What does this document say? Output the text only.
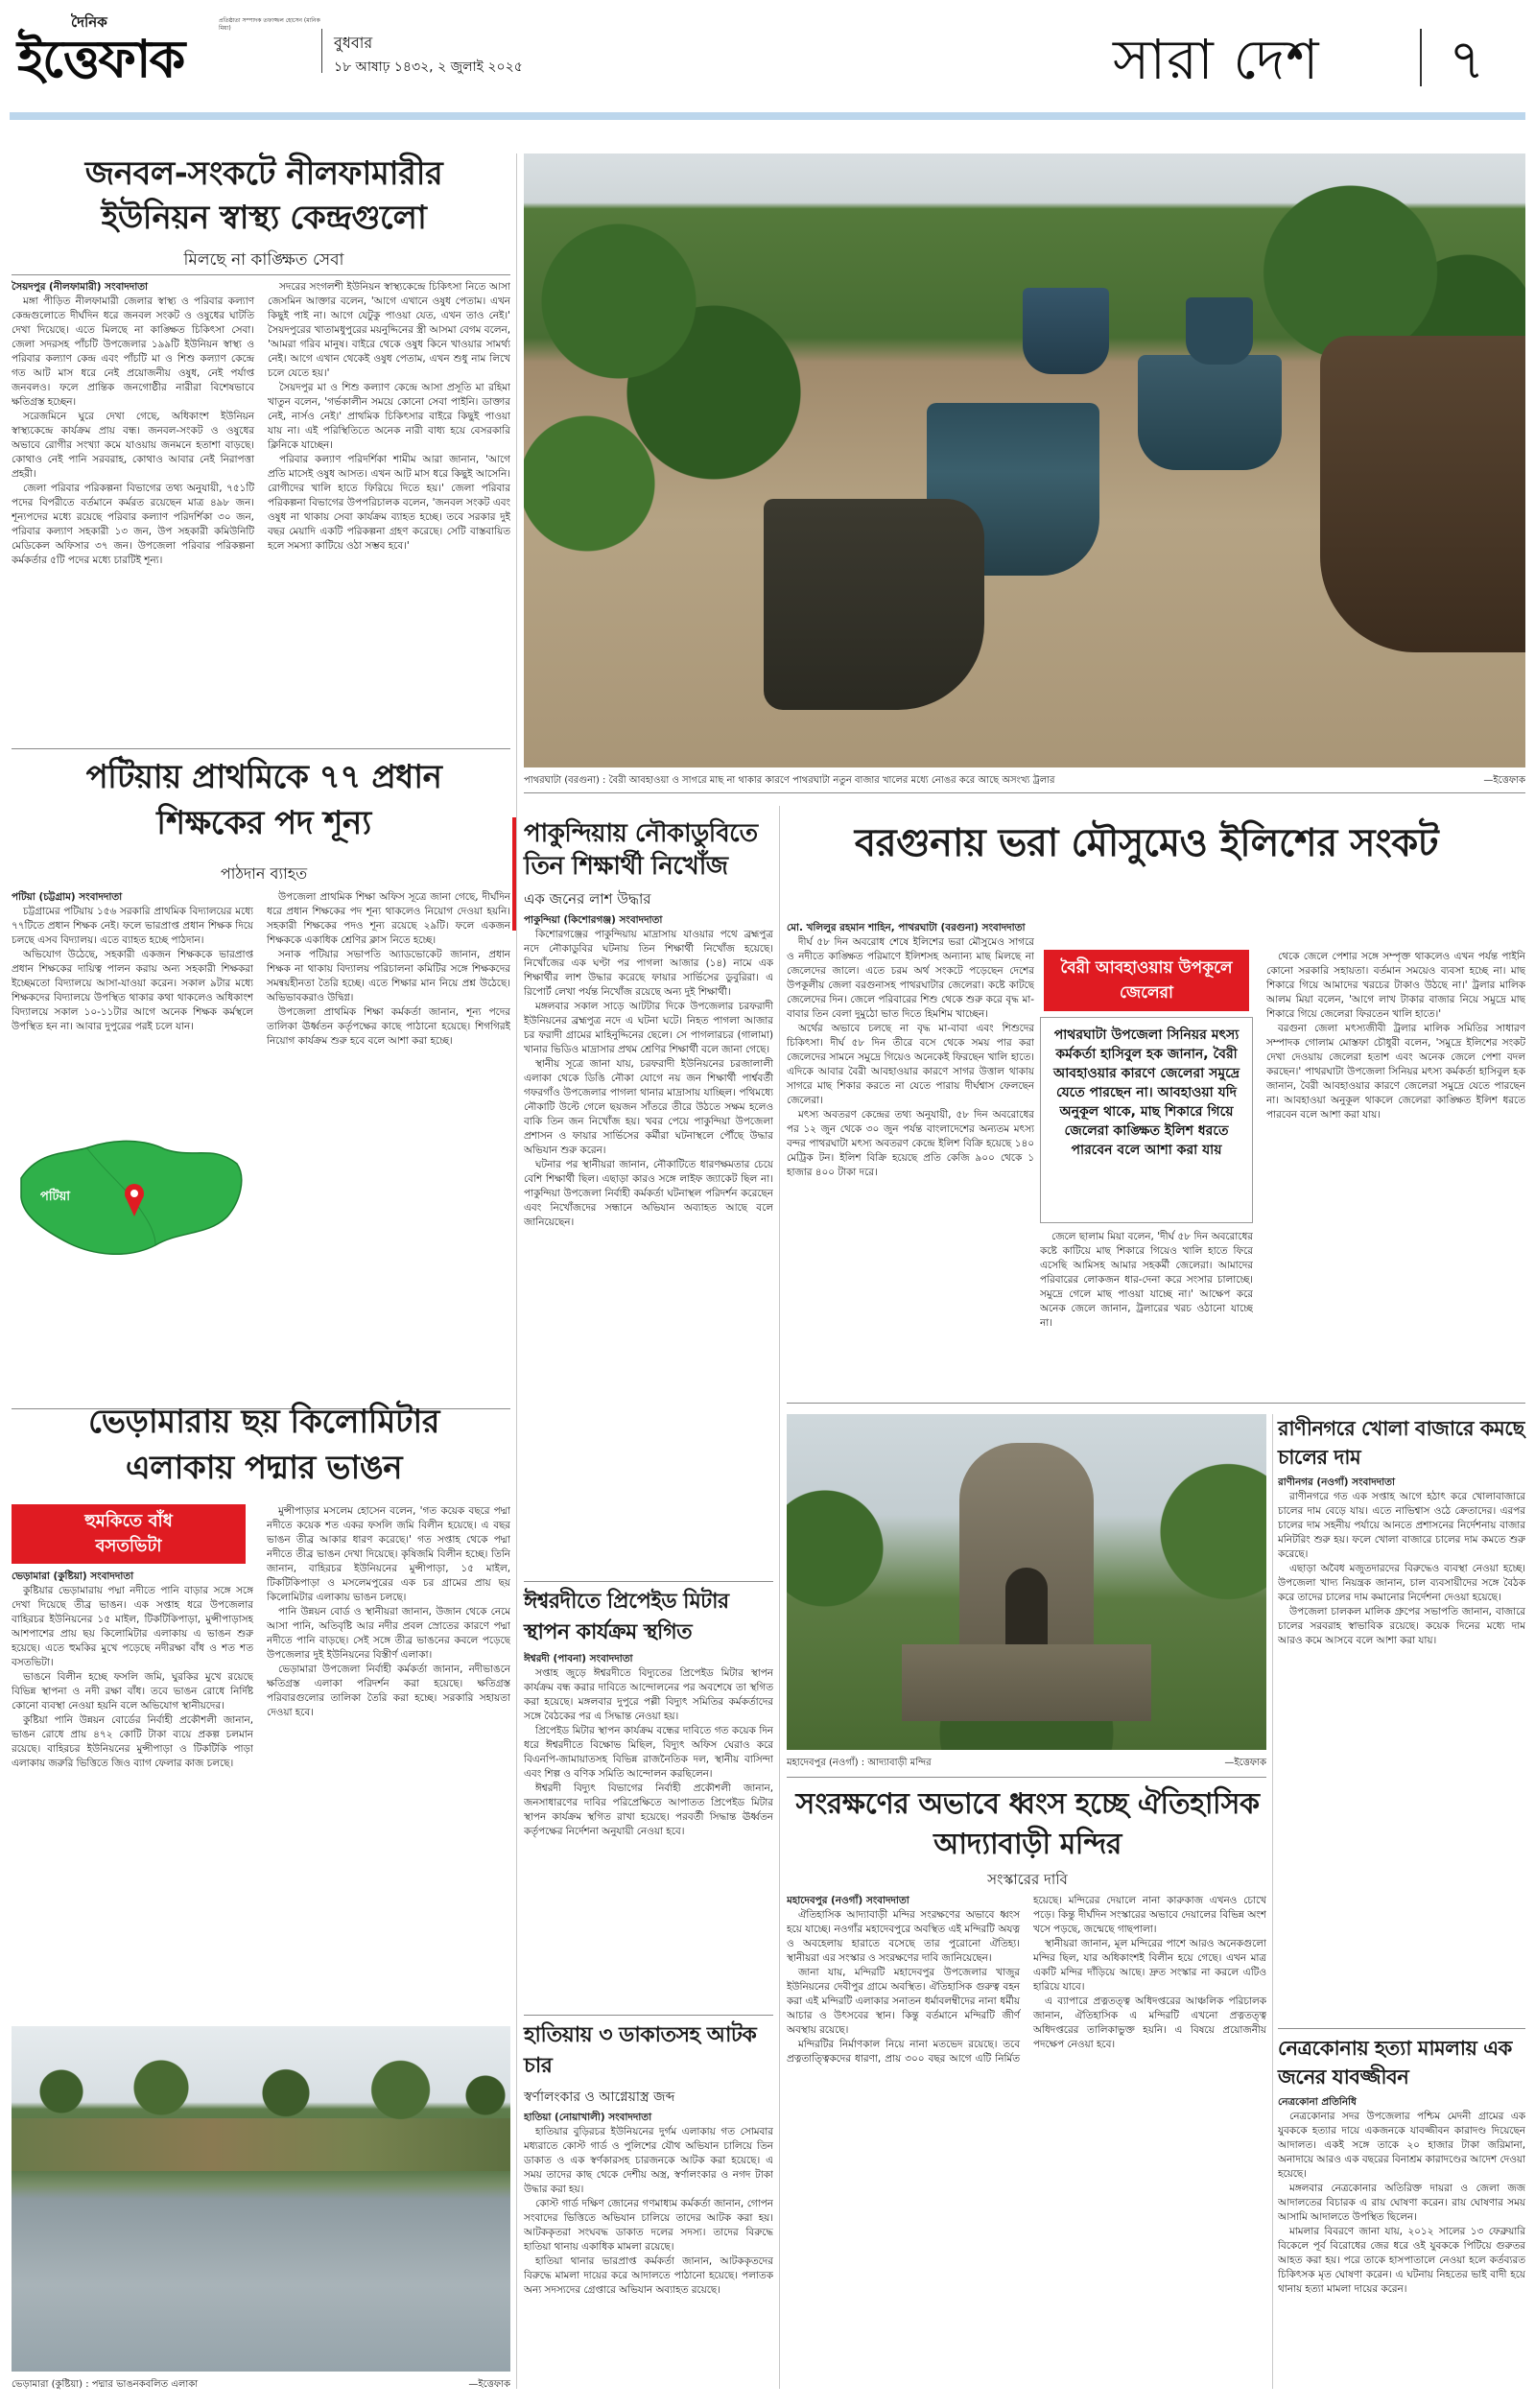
দৈনিক
ইত্তেফাক
প্রতিষ্ঠাতা সম্পাদক তফাজ্জল হোসেন (মানিক মিয়া)
বুধবার
১৮ আষাঢ় ১৪৩২, ২ জুলাই ২০২৫	সারা দেশ ৭
জনবল-সংকটে নীলফামারীর ইউনিয়ন স্বাস্থ্য কেন্দ্রগুলো
মিলছে না কাঙ্ক্ষিত সেবা

সৈয়দপুর (নীলফামারী) সংবাদদাতা

মঙ্গা পীড়িত নীলফামারী জেলার স্বাস্থ্য ও পরিবার কল্যাণ কেন্দ্রগুলোতে দীর্ঘদিন ধরে জনবল সংকট ও ওষুধের ঘাটতি দেখা দিয়েছে। এতে মিলছে না কাঙ্ক্ষিত চিকিৎসা সেবা। জেলা সদরসহ পাঁচটি উপজেলার ১৯৯টি ইউনিয়ন স্বাস্থ্য ও পরিবার কল্যাণ কেন্দ্র এবং পাঁচটি মা ও শিশু কল্যাণ কেন্দ্রে গত আট মাস ধরে নেই প্রয়োজনীয় ওষুধ, নেই পর্যাপ্ত জনবলও। ফলে প্রান্তিক জনগোষ্ঠীর নারীরা বিশেষভাবে ক্ষতিগ্রস্ত হচ্ছেন।

সরেজমিনে ঘুরে দেখা গেছে, অধিকাংশ ইউনিয়ন স্বাস্থ্যকেন্দ্রে কার্যক্রম প্রায় বন্ধ। জনবল-সংকট ও ওষুধের অভাবে রোগীর সংখ্যা কমে যাওয়ায় জনমনে হতাশা বাড়ছে। কোথাও নেই পানি সরবরাহ, কোথাও আবার নেই নিরাপত্তা প্রহরী।

জেলা পরিবার পরিকল্পনা বিভাগের তথ্য অনুযায়ী, ৭৫১টি পদের বিপরীতে বর্তমানে কর্মরত রয়েছেন মাত্র ৪৯৮ জন। শূন্যপদের মধ্যে রয়েছে পরিবার কল্যাণ পরিদর্শিকা ৩০ জন, পরিবার কল্যাণ সহকারী ১৩ জন, উপ সহকারী কমিউনিটি মেডিকেল অফিসার ৩৭ জন। উপজেলা পরিবার পরিকল্পনা কর্মকর্তার ৫টি পদের মধ্যে চারটিই শূন্য।

সদরের সংগলশী ইউনিয়ন স্বাস্থ্যকেন্দ্রে চিকিৎসা নিতে আসা জেসমিন আক্তার বলেন, 'আগে এখানে ওষুধ পেতাম। এখন কিছুই পাই না। আগে যেটুকু পাওয়া যেত, এখন তাও নেই।' সৈয়দপুরের খাতামধুপুরের ময়নুদ্দিনের স্ত্রী আসমা বেগম বলেন, 'আমরা গরিব মানুষ। বাইরে থেকে ওষুধ কিনে খাওয়ার সামর্থ্য নেই। আগে এখান থেকেই ওষুধ পেতাম, এখন শুধু নাম লিখে চলে যেতে হয়।'

সৈয়দপুর মা ও শিশু কল্যাণ কেন্দ্রে আসা প্রসূতি মা রহিমা খাতুন বলেন, 'গর্ভকালীন সময়ে কোনো সেবা পাইনি। ডাক্তার নেই, নার্সও নেই।' প্রাথমিক চিকিৎসার বাইরে কিছুই পাওয়া যায় না। এই পরিস্থিতিতে অনেক নারী বাধ্য হয়ে বেসরকারি ক্লিনিকে যাচ্ছেন।

পরিবার কল্যাণ পরিদর্শিকা শামীম আরা জানান, 'আগে প্রতি মাসেই ওষুধ আসত। এখন আট মাস ধরে কিছুই আসেনি। রোগীদের খালি হাতে ফিরিয়ে দিতে হয়।' জেলা পরিবার পরিকল্পনা বিভাগের উপপরিচালক বলেন, 'জনবল সংকট এবং ওষুধ না থাকায় সেবা কার্যক্রম ব্যাহত হচ্ছে। তবে সরকার দুই বছর মেয়াদি একটি পরিকল্পনা গ্রহণ করেছে। সেটি বাস্তবায়িত হলে সমস্যা কাটিয়ে ওঠা সম্ভব হবে।'

পটিয়ায় প্রাথমিকে ৭৭ প্রধান শিক্ষকের পদ শূন্য
পাঠদান ব্যাহত

পটিয়া (চট্টগ্রাম) সংবাদদাতা

চট্টগ্রামের পটিয়ায় ১৫৬ সরকারি প্রাথমিক বিদ্যালয়ের মধ্যে ৭৭টিতে প্রধান শিক্ষক নেই। ফলে ভারপ্রাপ্ত প্রধান শিক্ষক দিয়ে চলছে এসব বিদ্যালয়। এতে ব্যাহত হচ্ছে পাঠদান।

অভিযোগ উঠেছে, সহকারী একজন শিক্ষককে ভারপ্রাপ্ত প্রধান শিক্ষকের দায়িত্ব পালন করায় অন্য সহকারী শিক্ষকরা ইচ্ছেমতো বিদ্যালয়ে আসা-যাওয়া করেন। সকাল ৯টার মধ্যে শিক্ষকদের বিদ্যালয়ে উপস্থিত থাকার কথা থাকলেও অধিকাংশ বিদ্যালয়ে সকাল ১০-১১টার আগে অনেক শিক্ষক কর্মস্থলে উপস্থিত হন না। আবার দুপুরের পরই চলে যান।

উপজেলা প্রাথমিক শিক্ষা অফিস সূত্রে জানা গেছে, দীর্ঘদিন ধরে প্রধান শিক্ষকের পদ শূন্য থাকলেও নিয়োগ দেওয়া হয়নি। সহকারী শিক্ষকের পদও শূন্য রয়েছে ২৯টি। ফলে একজন শিক্ষককে একাধিক শ্রেণির ক্লাস নিতে হচ্ছে।

সনাক পটিয়ার সভাপতি অ্যাডভোকেট জানান, প্রধান শিক্ষক না থাকায় বিদ্যালয় পরিচালনা কমিটির সঙ্গে শিক্ষকদের সমন্বয়হীনতা তৈরি হচ্ছে। এতে শিক্ষার মান নিয়ে প্রশ্ন উঠেছে। অভিভাবকরাও উদ্বিগ্ন।

উপজেলা প্রাথমিক শিক্ষা কর্মকর্তা জানান, শূন্য পদের তালিকা ঊর্ধ্বতন কর্তৃপক্ষের কাছে পাঠানো হয়েছে। শিগগিরই নিয়োগ কার্যক্রম শুরু হবে বলে আশা করা হচ্ছে।

পটিয়া
ভেড়ামারায় ছয় কিলোমিটার এলাকায় পদ্মার ভাঙন
হুমকিতে বাঁধ বসতভিটা

ভেড়ামারা (কুষ্টিয়া) সংবাদদাতা

কুষ্টিয়ার ভেড়ামারায় পদ্মা নদীতে পানি বাড়ার সঙ্গে সঙ্গে দেখা দিয়েছে তীব্র ভাঙন। এক সপ্তাহ ধরে উপজেলার বাহিরচর ইউনিয়নের ১৫ মাইল, টিকটিকিপাড়া, মুন্সীপাড়াসহ আশপাশের প্রায় ছয় কিলোমিটার এলাকায় এ ভাঙন শুরু হয়েছে। এতে হুমকির মুখে পড়েছে নদীরক্ষা বাঁধ ও শত শত বসতভিটা।

ভাঙনে বিলীন হচ্ছে ফসলি জমি, ঘুরকির মুখে রয়েছে বিভিন্ন স্থাপনা ও নদী রক্ষা বাঁধ। তবে ভাঙন রোধে নির্দিষ্ট কোনো ব্যবস্থা নেওয়া হয়নি বলে অভিযোগ স্থানীয়দের।

কুষ্টিয়া পানি উন্নয়ন বোর্ডের নির্বাহী প্রকৌশলী জানান, ভাঙন রোধে প্রায় ৪৭২ কোটি টাকা ব্যয়ে প্রকল্প চলমান রয়েছে। বাহিরচর ইউনিয়নের মুন্সীপাড়া ও টিকটিকি পাড়া এলাকায় জরুরি ভিত্তিতে জিও ব্যাগ ফেলার কাজ চলছে।

মুন্সীপাড়ার মসলেম হোসেন বলেন, 'গত কয়েক বছরে পদ্মা নদীতে কয়েক শত একর ফসলি জমি বিলীন হয়েছে। এ বছর ভাঙন তীব্র আকার ধারণ করেছে।' গত সপ্তাহ থেকে পদ্মা নদীতে তীব্র ভাঙন দেখা দিয়েছে। কৃষিজমি বিলীন হচ্ছে। তিনি জানান, বাহিরচর ইউনিয়নের মুন্সীপাড়া, ১৫ মাইল, টিকটিকিপাড়া ও মসলেমপুরের এক চর গ্রামের প্রায় ছয় কিলোমিটার এলাকায় ভাঙন চলছে।

পানি উন্নয়ন বোর্ড ও স্থানীয়রা জানান, উজান থেকে নেমে আসা পানি, অতিবৃষ্টি আর নদীর প্রবল স্রোতের কারণে পদ্মা নদীতে পানি বাড়ছে। সেই সঙ্গে তীব্র ভাঙনের কবলে পড়েছে উপজেলার দুই ইউনিয়নের বিস্তীর্ণ এলাকা।

ভেড়ামারা উপজেলা নির্বাহী কর্মকর্তা জানান, নদীভাঙনে ক্ষতিগ্রস্ত এলাকা পরিদর্শন করা হয়েছে। ক্ষতিগ্রস্ত পরিবারগুলোর তালিকা তৈরি করা হচ্ছে। সরকারি সহায়তা দেওয়া হবে।

ভেড়ামারা (কুষ্টিয়া) : পদ্মার ভাঙনকবলিত এলাকা	—ইত্তেফাক
পাথরঘাটা (বরগুনা) : বৈরী আবহাওয়া ও সাগরে মাছ না থাকার কারণে পাথরঘাটা নতুন বাজার খালের মধ্যে নোঙর করে আছে অসংখ্য ট্রলার	—ইত্তেফাক
পাকুন্দিয়ায় নৌকাডুবিতে তিন শিক্ষার্থী নিখোঁজ
এক জনের লাশ উদ্ধার

পাকুন্দিয়া (কিশোরগঞ্জ) সংবাদদাতা

কিশোরগঞ্জের পাকুন্দিয়ায় মাদ্রাসায় যাওয়ার পথে ব্রহ্মপুত্র নদে নৌকাডুবির ঘটনায় তিন শিক্ষার্থী নিখোঁজ হয়েছে। নিখোঁজের এক ঘণ্টা পর পাগলা আজার (১৪) নামে এক শিক্ষার্থীর লাশ উদ্ধার করেছে ফায়ার সার্ভিসের ডুবুরিরা। এ রিপোর্ট লেখা পর্যন্ত নিখোঁজ রয়েছে অন্য দুই শিক্ষার্থী।

মঙ্গলবার সকাল সাড়ে আটটার দিকে উপজেলার চরফরাদী ইউনিয়নের ব্রহ্মপুত্র নদে এ ঘটনা ঘটে। নিহত পাগলা আজার চর ফরাদী গ্রামের মাহিনুদ্দিনের ছেলে। সে পাগলারচর (গালামা) খানার ভিডিও মাদ্রাসার প্রথম শ্রেণির শিক্ষার্থী বলে জানা গেছে।

স্থানীয় সূত্রে জানা যায়, চরফরাদী ইউনিয়নের চরজালালী এলাকা থেকে ডিঙি নৌকা যোগে নয় জন শিক্ষার্থী পার্শ্ববর্তী গফরগাঁও উপজেলার পাগলা থানার মাদ্রাসায় যাচ্ছিল। পথিমধ্যে নৌকাটি উল্টে গেলে ছয়জন সাঁতরে তীরে উঠতে সক্ষম হলেও বাকি তিন জন নিখোঁজ হয়। খবর পেয়ে পাকুন্দিয়া উপজেলা প্রশাসন ও ফায়ার সার্ভিসের কর্মীরা ঘটনাস্থলে পৌঁছে উদ্ধার অভিযান শুরু করেন।

ঘটনার পর স্থানীয়রা জানান, নৌকাটিতে ধারণক্ষমতার চেয়ে বেশি শিক্ষার্থী ছিল। এছাড়া কারও সঙ্গে লাইফ জ্যাকেট ছিল না। পাকুন্দিয়া উপজেলা নির্বাহী কর্মকর্তা ঘটনাস্থল পরিদর্শন করেছেন এবং নিখোঁজদের সন্ধানে অভিযান অব্যাহত আছে বলে জানিয়েছেন।

ঈশ্বরদীতে প্রিপেইড মিটার স্থাপন কার্যক্রম স্থগিত

ঈশ্বরদী (পাবনা) সংবাদদাতা

সপ্তাহ জুড়ে ঈশ্বরদীতে বিদ্যুতের প্রিপেইড মিটার স্থাপন কার্যক্রম বন্ধ করার দাবিতে আন্দোলনের পর অবশেষে তা স্থগিত করা হয়েছে। মঙ্গলবার দুপুরে পল্লী বিদ্যুৎ সমিতির কর্মকর্তাদের সঙ্গে বৈঠকের পর এ সিদ্ধান্ত নেওয়া হয়।

প্রিপেইড মিটার স্থাপন কার্যক্রম বন্ধের দাবিতে গত কয়েক দিন ধরে ঈশ্বরদীতে বিক্ষোভ মিছিল, বিদ্যুৎ অফিস ঘেরাও করে বিএনপি-জামায়াতসহ বিভিন্ন রাজনৈতিক দল, স্থানীয় বাসিন্দা এবং শিল্প ও বণিক সমিতি আন্দোলন করছিলেন।

ঈশ্বরদী বিদ্যুৎ বিভাগের নির্বাহী প্রকৌশলী জানান, জনসাধারণের দাবির পরিপ্রেক্ষিতে আপাতত প্রিপেইড মিটার স্থাপন কার্যক্রম স্থগিত রাখা হয়েছে। পরবর্তী সিদ্ধান্ত ঊর্ধ্বতন কর্তৃপক্ষের নির্দেশনা অনুযায়ী নেওয়া হবে।

হাতিয়ায় ৩ ডাকাতসহ আটক চার
স্বর্ণালংকার ও আগ্নেয়াস্ত্র জব্দ

হাতিয়া (নোয়াখালী) সংবাদদাতা

হাতিয়ার বুড়িরচর ইউনিয়নের দুর্গম এলাকায় গত সোমবার মধ্যরাতে কোস্ট গার্ড ও পুলিশের যৌথ অভিযান চালিয়ে তিন ডাকাত ও এক স্বর্ণকারসহ চারজনকে আটক করা হয়েছে। এ সময় তাদের কাছ থেকে দেশীয় অস্ত্র, স্বর্ণালংকার ও নগদ টাকা উদ্ধার করা হয়।

কোস্ট গার্ড দক্ষিণ জোনের গণমাধ্যম কর্মকর্তা জানান, গোপন সংবাদের ভিত্তিতে অভিযান চালিয়ে তাদের আটক করা হয়। আটককৃতরা সংঘবদ্ধ ডাকাত দলের সদস্য। তাদের বিরুদ্ধে হাতিয়া থানায় একাধিক মামলা রয়েছে।

হাতিয়া থানার ভারপ্রাপ্ত কর্মকর্তা জানান, আটককৃতদের বিরুদ্ধে মামলা দায়ের করে আদালতে পাঠানো হয়েছে। পলাতক অন্য সদস্যদের গ্রেপ্তারে অভিযান অব্যাহত রয়েছে।

বরগুনায় ভরা মৌসুমেও ইলিশের সংকট

মো. খলিলুর রহমান শাহিন, পাথরঘাটা (বরগুনা) সংবাদদাতা

দীর্ঘ ৫৮ দিন অবরোধ শেষে ইলিশের ভরা মৌসুমেও সাগরে ও নদীতে কাঙ্ক্ষিত পরিমাণে ইলিশসহ অন্যান্য মাছ মিলছে না জেলেদের জালে। এতে চরম অর্থ সংকটে পড়েছেন দেশের উপকূলীয় জেলা বরগুনাসহ পাথরঘাটার জেলেরা। কষ্টে কাটছে জেলেদের দিন। জেলে পরিবারের শিশু থেকে শুরু করে বৃদ্ধ মা-বাবার তিন বেলা দুমুঠো ভাত দিতে হিমশিম খাচ্ছেন।

অর্থের অভাবে চলছে না বৃদ্ধ মা-বাবা এবং শিশুদের চিকিৎসা। দীর্ঘ ৫৮ দিন তীরে বসে থেকে সময় পার করা জেলেদের সামনে সমুদ্রে গিয়েও অনেকেই ফিরছেন খালি হাতে। এদিকে আবার বৈরী আবহাওয়ার কারণে সাগর উত্তাল থাকায় সাগরে মাছ শিকার করতে না যেতে পারায় দীর্ঘশ্বাস ফেলছেন জেলেরা।

মৎস্য অবতরণ কেন্দ্রের তথ্য অনুযায়ী, ৫৮ দিন অবরোধের পর ১২ জুন থেকে ৩০ জুন পর্যন্ত বাংলাদেশের অন্যতম মৎস্য বন্দর পাথরঘাটা মৎস্য অবতরণ কেন্দ্রে ইলিশ বিক্রি হয়েছে ১৪০ মেট্রিক টন। ইলিশ বিক্রি হয়েছে প্রতি কেজি ৯০০ থেকে ১ হাজার ৪০০ টাকা দরে।

বৈরী আবহাওয়ায় উপকূলে জেলেরা
পাথরঘাটা উপজেলা সিনিয়র মৎস্য কর্মকর্তা হাসিবুল হক জানান, বৈরী আবহাওয়ার কারণে জেলেরা সমুদ্রে যেতে পারছেন না। আবহাওয়া যদি অনুকূল থাকে, মাছ শিকারে গিয়ে জেলেরা কাঙ্ক্ষিত ইলিশ ধরতে পারবেন বলে আশা করা যায়

জেলে ছালাম মিয়া বলেন, 'দীর্ঘ ৫৮ দিন অবরোধের কষ্টে কাটিয়ে মাছ শিকারে গিয়েও খালি হাতে ফিরে এসেছি আমিসহ আমার সহকর্মী জেলেরা। আমাদের পরিবারের লোকজন ধার-দেনা করে সংসার চালাচ্ছে। সমুদ্রে গেলে মাছ পাওয়া যাচ্ছে না।' আক্ষেপ করে অনেক জেলে জানান, ট্রলারের খরচ ওঠানো যাচ্ছে না।

থেকে জেলে পেশার সঙ্গে সম্পৃক্ত থাকলেও এখন পর্যন্ত পাইনি কোনো সরকারি সহায়তা। বর্তমান সময়েও ব্যবসা হচ্ছে না। মাছ শিকারে গিয়ে আমাদের খরচের টাকাও উঠছে না।' ট্রলার মালিক আলম মিয়া বলেন, 'আগে লাখ টাকার বাজার নিয়ে সমুদ্রে মাছ শিকারে গিয়ে জেলেরা ফিরতেন খালি হাতে।'

বরগুনা জেলা মৎস্যজীবী ট্রলার মালিক সমিতির সাধারণ সম্পাদক গোলাম মোস্তফা চৌধুরী বলেন, 'সমুদ্রে ইলিশের সংকট দেখা দেওয়ায় জেলেরা হতাশ এবং অনেক জেলে পেশা বদল করছেন।' পাথরঘাটা উপজেলা সিনিয়র মৎস্য কর্মকর্তা হাসিবুল হক জানান, বৈরী আবহাওয়ার কারণে জেলেরা সমুদ্রে যেতে পারছেন না। আবহাওয়া অনুকূল থাকলে জেলেরা কাঙ্ক্ষিত ইলিশ ধরতে পারবেন বলে আশা করা যায়।

মহাদেবপুর (নওগাঁ) : আদ্যাবাড়ী মন্দির	—ইত্তেফাক
রাণীনগরে খোলা বাজারে কমছে চালের দাম

রাণীনগর (নওগাঁ) সংবাদদাতা

রাণীনগরে গত এক সপ্তাহ আগে হঠাৎ করে খোলাবাজারে চালের দাম বেড়ে যায়। এতে নাভিশ্বাস ওঠে ক্রেতাদের। এরপর চালের দাম সহনীয় পর্যায়ে আনতে প্রশাসনের নির্দেশনায় বাজার মনিটরিং শুরু হয়। ফলে খোলা বাজারে চালের দাম কমতে শুরু করেছে।

এছাড়া অবৈধ মজুতদারদের বিরুদ্ধেও ব্যবস্থা নেওয়া হচ্ছে। উপজেলা খাদ্য নিয়ন্ত্রক জানান, চাল ব্যবসায়ীদের সঙ্গে বৈঠক করে তাদের চালের দাম কমানোর নির্দেশনা দেওয়া হয়েছে।

উপজেলা চালকল মালিক গ্রুপের সভাপতি জানান, বাজারে চালের সরবরাহ স্বাভাবিক রয়েছে। কয়েক দিনের মধ্যে দাম আরও কমে আসবে বলে আশা করা যায়।

নেত্রকোনায় হত্যা মামলায় এক জনের যাবজ্জীবন

নেত্রকোনা প্রতিনিধি

নেত্রকোনার সদর উপজেলার পশ্চিম মেদনী গ্রামের এক যুবককে হত্যার দায়ে একজনকে যাবজ্জীবন কারাদণ্ড দিয়েছেন আদালত। একই সঙ্গে তাকে ২০ হাজার টাকা জরিমানা, অনাদায়ে আরও এক বছরের বিনাশ্রম কারাদণ্ডের আদেশ দেওয়া হয়েছে।

মঙ্গলবার নেত্রকোনার অতিরিক্ত দায়রা ও জেলা জজ আদালতের বিচারক এ রায় ঘোষণা করেন। রায় ঘোষণার সময় আসামি আদালতে উপস্থিত ছিলেন।

মামলার বিবরণে জানা যায়, ২০১২ সালের ১৩ ফেব্রুয়ারি বিকেলে পূর্ব বিরোধের জের ধরে ওই যুবককে পিটিয়ে গুরুতর আহত করা হয়। পরে তাকে হাসপাতালে নেওয়া হলে কর্তব্যরত চিকিৎসক মৃত ঘোষণা করেন। এ ঘটনায় নিহতের ভাই বাদী হয়ে থানায় হত্যা মামলা দায়ের করেন।

সংরক্ষণের অভাবে ধ্বংস হচ্ছে ঐতিহাসিক আদ্যাবাড়ী মন্দির
সংস্কারের দাবি

মহাদেবপুর (নওগাঁ) সংবাদদাতা

ঐতিহাসিক আদ্যাবাড়ী মন্দির সংরক্ষণের অভাবে ধ্বংস হয়ে যাচ্ছে। নওগাঁর মহাদেবপুরে অবস্থিত এই মন্দিরটি অযত্ন ও অবহেলায় হারাতে বসেছে তার পুরোনো ঐতিহ্য। স্থানীয়রা এর সংস্কার ও সংরক্ষণের দাবি জানিয়েছেন।

জানা যায়, মন্দিরটি মহাদেবপুর উপজেলার খাজুর ইউনিয়নের দেবীপুর গ্রামে অবস্থিত। ঐতিহাসিক গুরুত্ব বহন করা এই মন্দিরটি এলাকার সনাতন ধর্মাবলম্বীদের নানা ধর্মীয় আচার ও উৎসবের স্থান। কিন্তু বর্তমানে মন্দিরটি জীর্ণ অবস্থায় রয়েছে।

মন্দিরটির নির্মাণকাল নিয়ে নানা মতভেদ রয়েছে। তবে প্রত্নতাত্ত্বিকদের ধারণা, প্রায় ৩০০ বছর আগে এটি নির্মিত হয়েছে। মন্দিরের দেয়ালে নানা কারুকাজ এখনও চোখে পড়ে। কিন্তু দীর্ঘদিন সংস্কারের অভাবে দেয়ালের বিভিন্ন অংশ খসে পড়ছে, জন্মেছে গাছপালা।

স্থানীয়রা জানান, মূল মন্দিরের পাশে আরও অনেকগুলো মন্দির ছিল, যার অধিকাংশই বিলীন হয়ে গেছে। এখন মাত্র একটি মন্দির দাঁড়িয়ে আছে। দ্রুত সংস্কার না করলে এটিও হারিয়ে যাবে।

এ ব্যাপারে প্রত্নতত্ত্ব অধিদপ্তরের আঞ্চলিক পরিচালক জানান, ঐতিহাসিক এ মন্দিরটি এখনো প্রত্নতত্ত্ব অধিদপ্তরের তালিকাভুক্ত হয়নি। এ বিষয়ে প্রয়োজনীয় পদক্ষেপ নেওয়া হবে।
